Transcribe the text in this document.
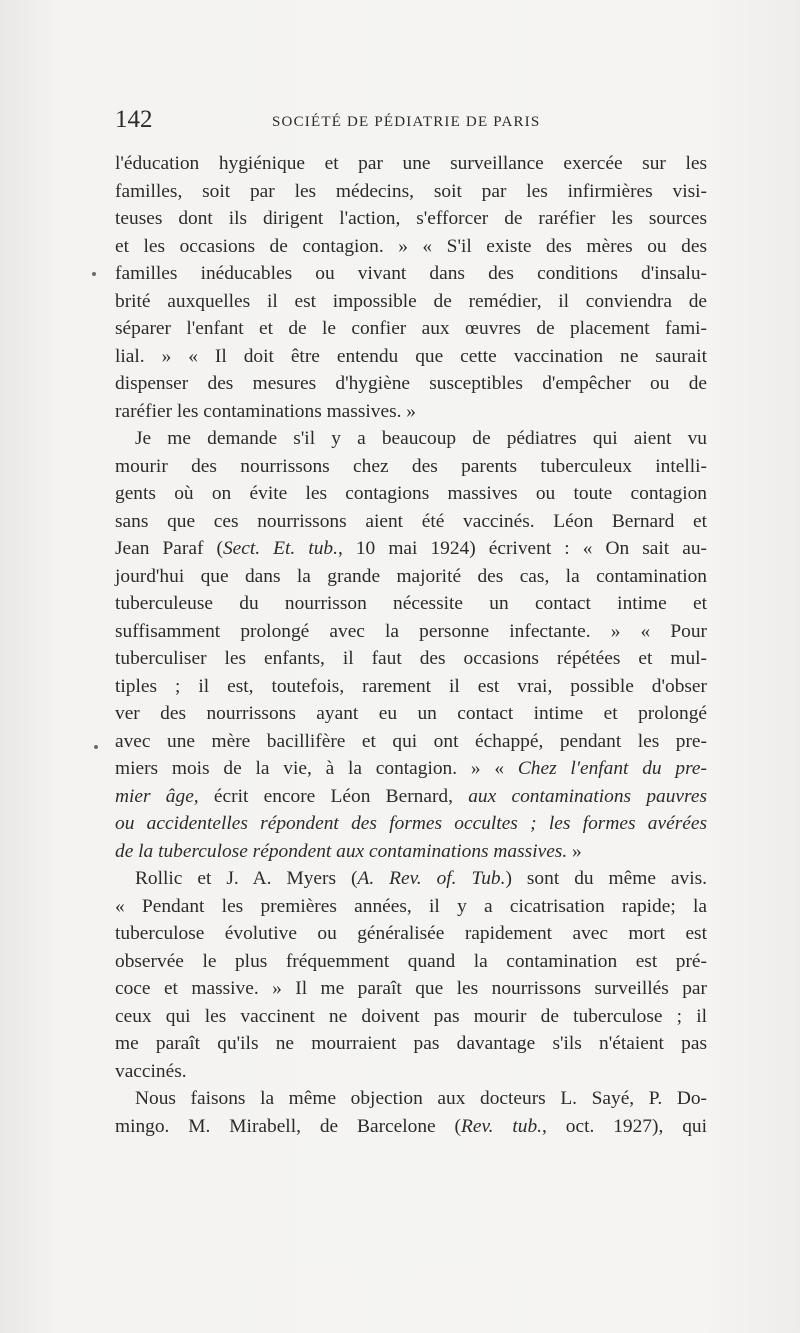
142	SOCIÉTÉ DE PÉDIATRIE DE PARIS
l'éducation hygiénique et par une surveillance exercée sur les
familles, soit par les médecins, soit par les infirmières visi-
teuses dont ils dirigent l'action, s'efforcer de raréfier les sources
et les occasions de contagion. » « S'il existe des mères ou des
familles inéducables ou vivant dans des conditions d'insalu-
brité auxquelles il est impossible de remédier, il conviendra de
séparer l'enfant et de le confier aux œuvres de placement fami-
lial. » « Il doit être entendu que cette vaccination ne saurait
dispenser des mesures d'hygiène susceptibles d'empêcher ou de
raréfier les contaminations massives. »
Je me demande s'il y a beaucoup de pédiatres qui aient vu
mourir des nourrissons chez des parents tuberculeux intelli-
gents où on évite les contagions massives ou toute contagion
sans que ces nourrissons aient été vaccinés. Léon Bernard et
Jean Paraf (Sect. Et. tub., 10 mai 1924) écrivent : « On sait au-
jourd'hui que dans la grande majorité des cas, la contamination
tuberculeuse du nourrisson nécessite un contact intime et
suffisamment prolongé avec la personne infectante. » « Pour
tuberculiser les enfants, il faut des occasions répétées et mul-
tiples ; il est, toutefois, rarement il est vrai, possible d'obser
ver des nourrissons ayant eu un contact intime et prolongé
avec une mère bacillifère et qui ont échappé, pendant les pre-
miers mois de la vie, à la contagion. » « Chez l'enfant du pre-
mier âge, écrit encore Léon Bernard, aux contaminations pauvres
ou accidentelles répondent des formes occultes ; les formes avérées
de la tuberculose répondent aux contaminations massives. »
Rollic et J. A. Myers (A. Rev. of. Tub.) sont du même avis.
« Pendant les premières années, il y a cicatrisation rapide; la
tuberculose évolutive ou généralisée rapidement avec mort est
observée le plus fréquemment quand la contamination est pré-
coce et massive. » Il me paraît que les nourrissons surveillés par
ceux qui les vaccinent ne doivent pas mourir de tuberculose ; il
me paraît qu'ils ne mourraient pas davantage s'ils n'étaient pas
vaccinés.
Nous faisons la même objection aux docteurs L. Sayé, P. Do-
mingo. M. Mirabell, de Barcelone (Rev. tub., oct. 1927), qui
